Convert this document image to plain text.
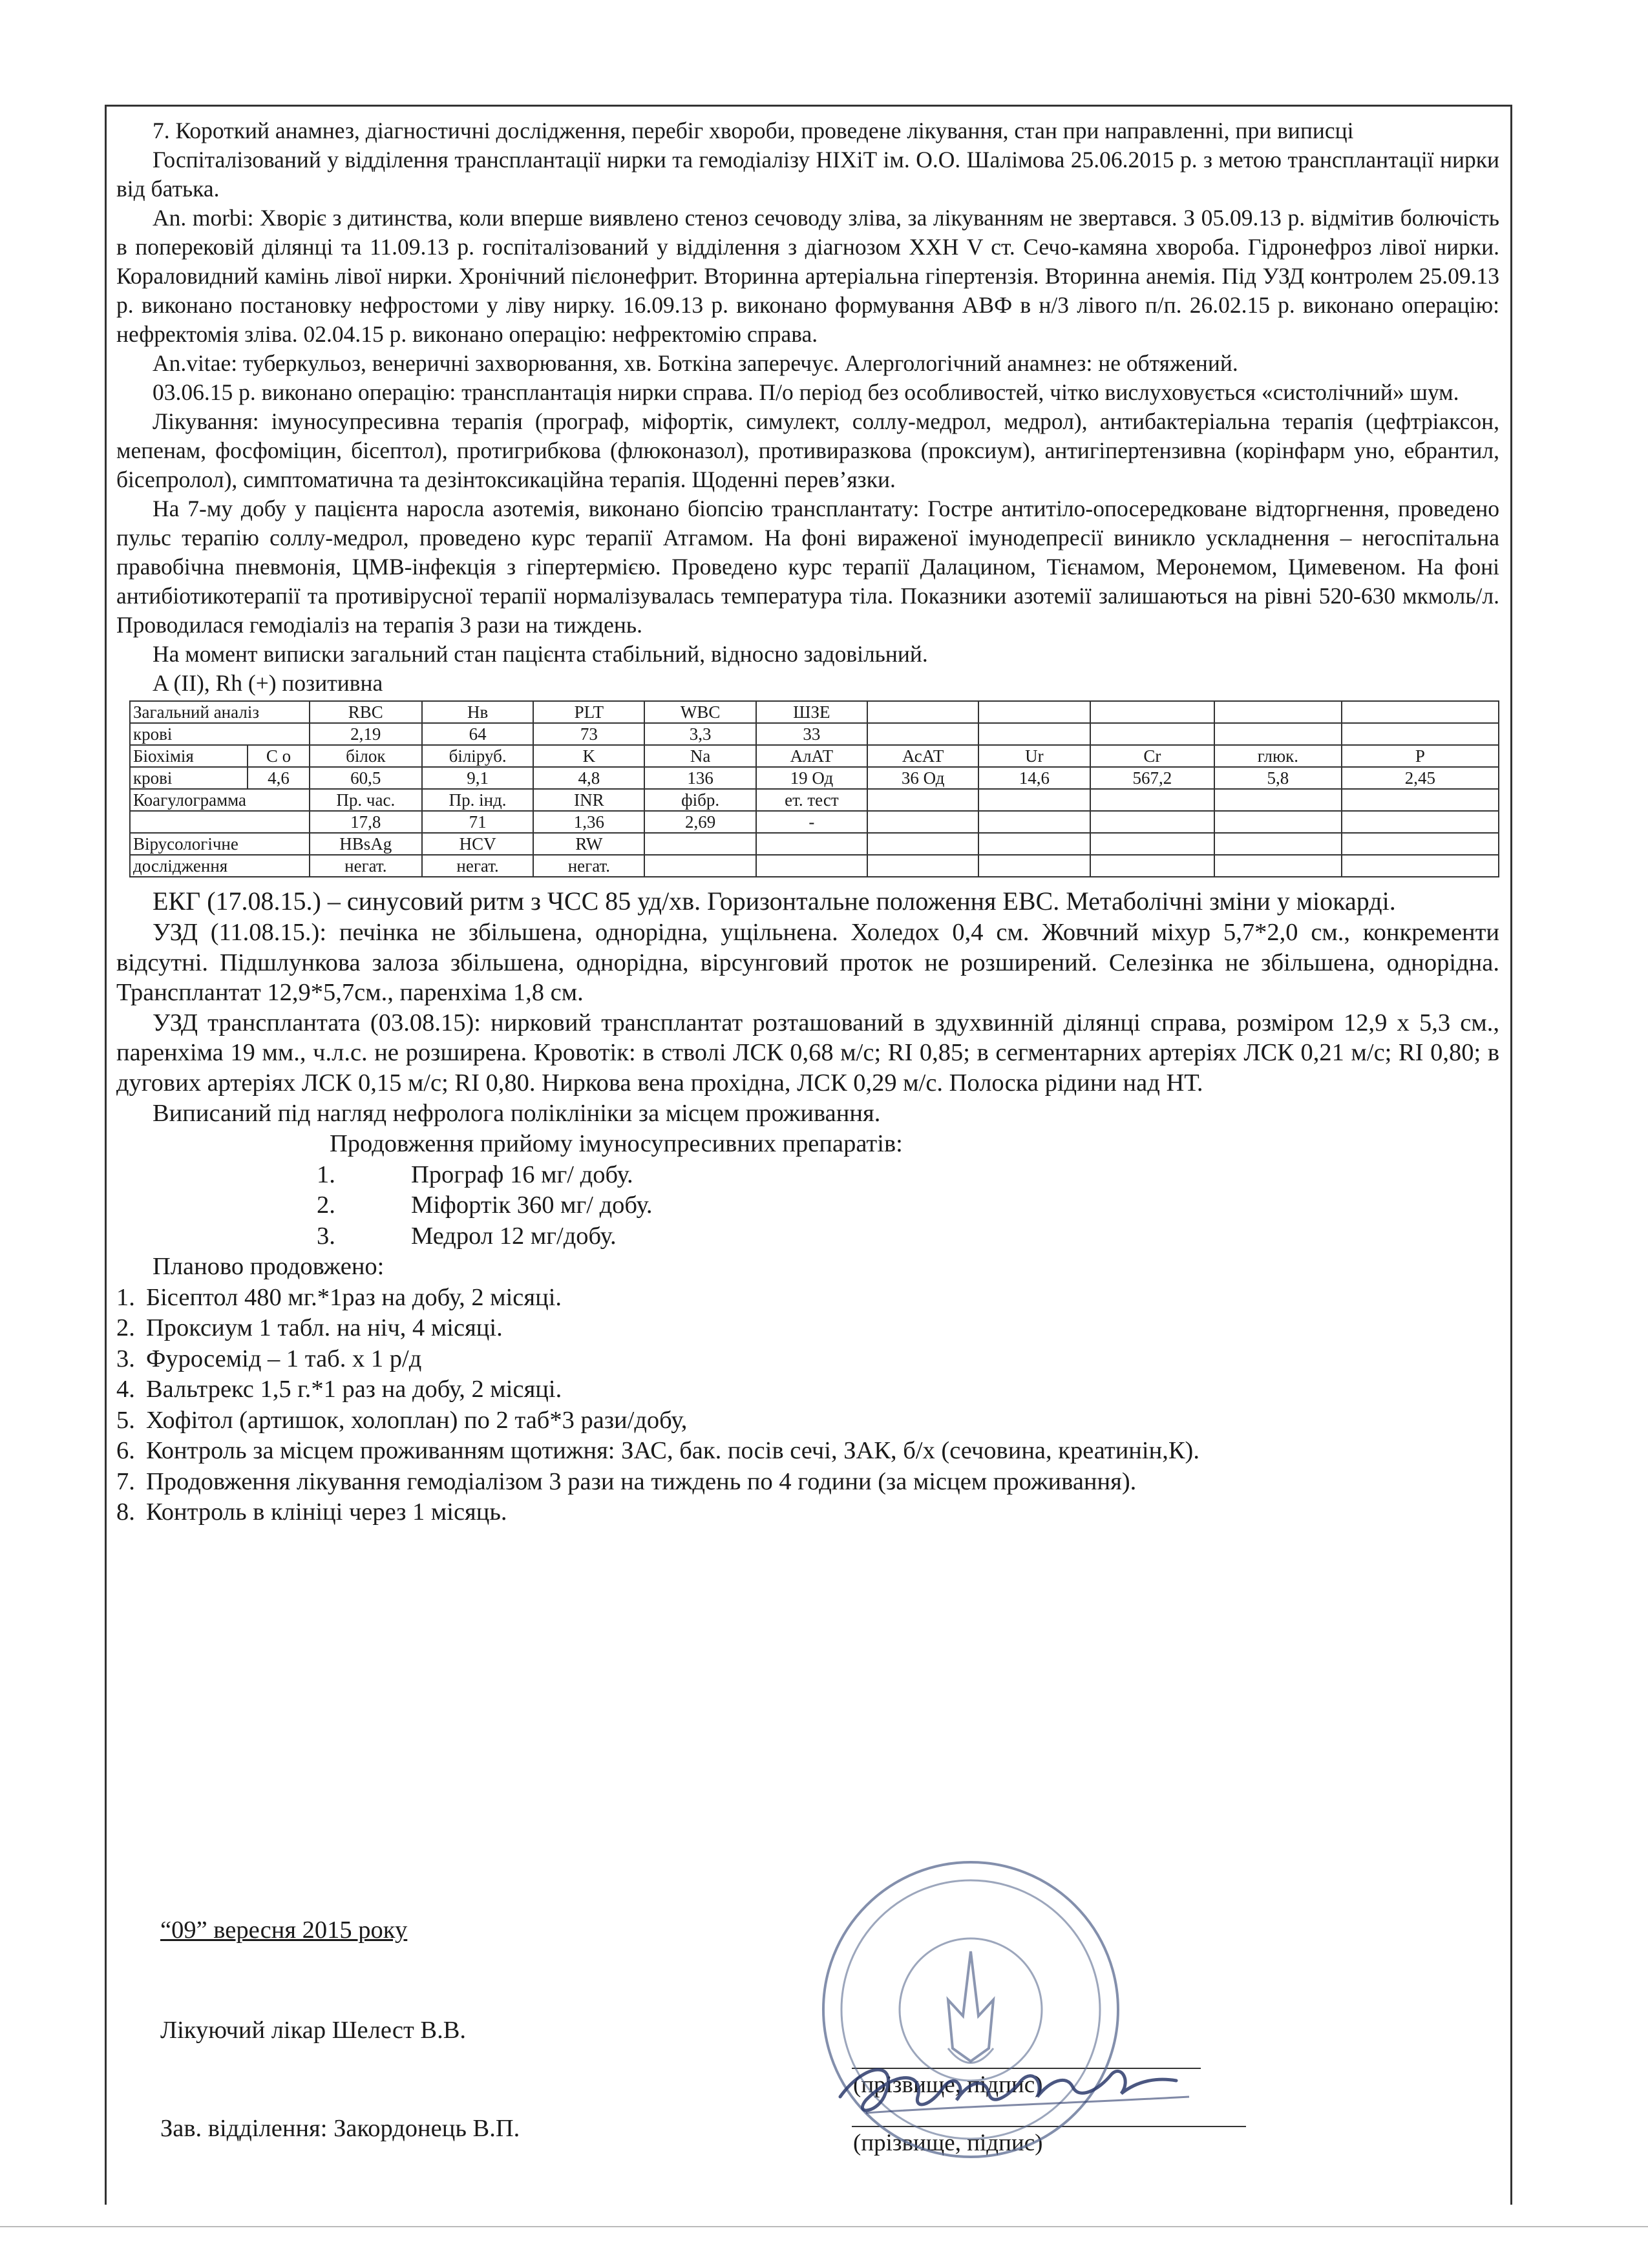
7. Короткий анамнез, діагностичні дослідження, перебіг хвороби, проведене лікування, стан при направленні, при виписці

Госпіталізований у відділення трансплантації нирки та гемодіалізу НІХіТ ім. О.О. Шалімова 25.06.2015 р. з метою трансплантації нирки від батька.

An. morbi: Хворіє з дитинства, коли вперше виявлено стеноз сечоводу зліва, за лікуванням не звертався. З 05.09.13 р. відмітив болючість в поперековій ділянці та 11.09.13 р. госпіталізований у відділення з діагнозом ХХН V ст. Сечо-камяна хвороба. Гідронефроз лівої нирки. Кораловидний камінь лівої нирки. Хронічний пієлонефрит. Вторинна артеріальна гіпертензія. Вторинна анемія. Під УЗД контролем 25.09.13 р. виконано постановку нефростоми у ліву нирку. 16.09.13 р. виконано формування АВФ в н/3 лівого п/п. 26.02.15 р. виконано операцію: нефректомія зліва. 02.04.15 р. виконано операцію: нефректомію справа.

An.vitae: туберкульоз, венеричні захворювання, хв. Боткіна заперечує. Алергологічний анамнез: не обтяжений.

03.06.15 р. виконано операцію: трансплантація нирки справа. П/о період без особливостей, чітко вислуховується «систолічний» шум.

Лікування: імуносупресивна терапія (програф, міфортік, симулект, соллу-медрол, медрол), антибактеріальна терапія (цефтріаксон, мепенам, фосфоміцин, бісептол), протигрибкова (флюконазол), противиразкова (проксиум), антигіпертензивна (корінфарм уно, ебрантил, бісепролол), симптоматична та дезінтоксикаційна терапія. Щоденні перев’язки.

На 7-му добу у пацієнта наросла азотемія, виконано біопсію трансплантату: Гостре антитіло-опосередковане відторгнення, проведено пульс терапію соллу-медрол, проведено курс терапії Атгамом. На фоні вираженої імунодепресії виникло ускладнення – негоспітальна правобічна пневмонія, ЦМВ-інфекція з гіпертермією. Проведено курс терапії Далацином, Тієнамом, Меронемом, Цимевеном. На фоні антибіотикотерапії та противірусної терапії нормалізувалась температура тіла. Показники азотемії залишаються на рівні 520-630 мкмоль/л. Проводилася гемодіаліз на терапія 3 рази на тиждень.

На момент виписки загальний стан пацієнта стабільний, відносно задовільний.

A (II), Rh (+) позитивна

Загальний аналіз		RBC	Нв	PLT	WBC	ШЗЕ					
крові		2,19	64	73	3,3	33					
Біохімія	С о	білок	біліруб.	K	Na	АлАТ	АсАТ	Ur	Cr	глюк.	P
крові	4,6	60,5	9,1	4,8	136	19 Од	36 Од	14,6	567,2	5,8	2,45
Коагулограмма		Пр. час.	Пр. інд.	INR	фібр.	ет. тест					
		17,8	71	1,36	2,69	-					
Вірусологічне		HBsAg	HCV	RW							
дослідження		негат.	негат.	негат.							

ЕКГ (17.08.15.) – синусовий ритм з ЧСС 85 уд/хв. Горизонтальне положення ЕВС. Метаболічні зміни у міокарді.

УЗД (11.08.15.): печінка не збільшена, однорідна, ущільнена. Холедох 0,4 см. Жовчний міхур 5,7*2,0 см., конкременти відсутні. Підшлункова залоза збільшена, однорідна, вірсунговий проток не розширений. Селезінка не збільшена, однорідна. Трансплантат 12,9*5,7см., паренхіма 1,8 см.

УЗД трансплантата (03.08.15): нирковий трансплантат розташований в здухвинній ділянці справа, розміром 12,9 х 5,3 см., паренхіма 19 мм., ч.л.с. не розширена. Кровотік: в стволі ЛСК 0,68 м/с; RI 0,85; в сегментарних артеріях ЛСК 0,21 м/с; RI 0,80; в дугових артеріях ЛСК 0,15 м/с; RI 0,80. Ниркова вена прохідна, ЛСК 0,29 м/с. Полоска рідини над НТ.

Виписаний під нагляд нефролога поліклініки за місцем проживання.

Продовження прийому імуносупресивних препаратів:

1.	Програф 16 мг/ добу.
2.	Міфортік 360 мг/ добу.
3.	Медрол 12 мг/добу.

Планово продовжено:

1. Бісептол 480 мг.*1раз на добу, 2 місяці.
2. Проксиум 1 табл. на ніч, 4 місяці.
3. Фуросемід – 1 таб. х 1 р/д
4. Вальтрекс 1,5 г.*1 раз на добу, 2 місяці.
5. Хофітол (артишок, холоплан) по 2 таб*3 рази/добу,
6. Контроль за місцем проживанням щотижня: ЗАС, бак. посів сечі, ЗАК, б/х (сечовина, креатинін,К).
7. Продовження лікування гемодіалізом 3 рази на тиждень по 4 години (за місцем проживання).
8. Контроль в клініці через 1 місяць.
“09” вересня 2015 року
Лікуючий лікар Шелест В.В.
Зав. відділення: Закордонець В.П.
(прізвище, підпис)
(прізвище, підпис)
